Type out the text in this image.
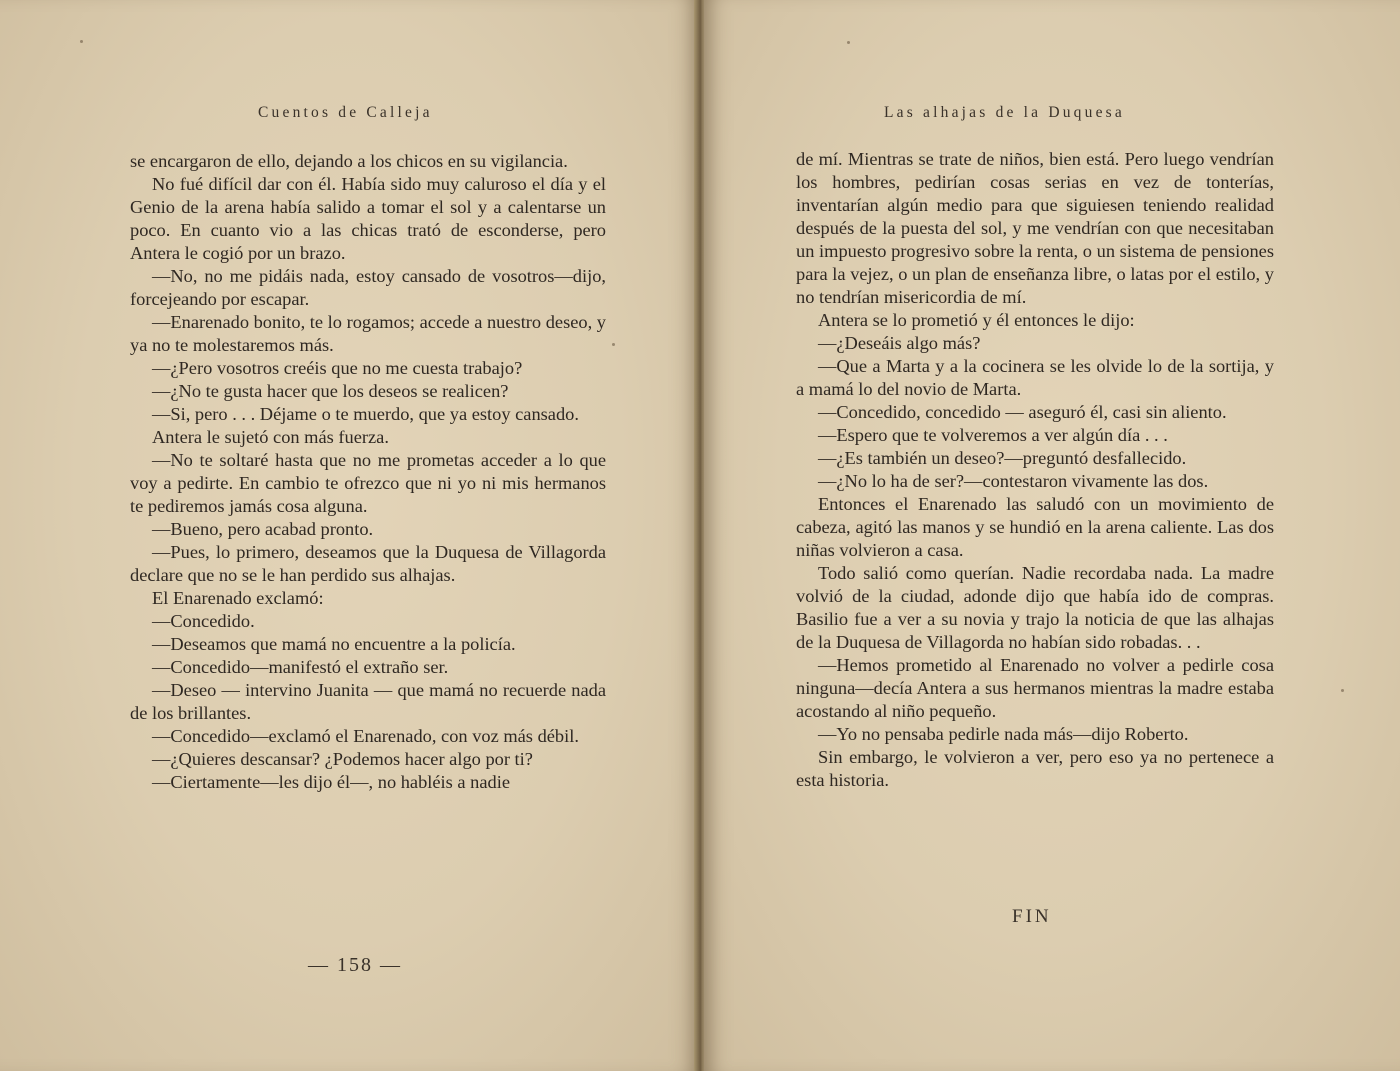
Cuentos de Calleja

se encargaron de ello, dejando a los chicos en su vigilancia.

No fué difícil dar con él. Había sido muy caluroso el día y el Genio de la arena había salido a tomar el sol y a calentarse un poco. En cuanto vio a las chicas trató de esconderse, pero Antera le cogió por un brazo.

—No, no me pidáis nada, estoy cansado de vosotros—dijo, forcejeando por escapar.

—Enarenado bonito, te lo rogamos; accede a nuestro deseo, y ya no te molestaremos más.

—¿Pero vosotros creéis que no me cuesta trabajo?

—¿No te gusta hacer que los deseos se realicen?

—Si, pero . . . Déjame o te muerdo, que ya estoy cansado.

Antera le sujetó con más fuerza.

—No te soltaré hasta que no me prometas acceder a lo que voy a pedirte. En cambio te ofrezco que ni yo ni mis hermanos te pediremos jamás cosa alguna.

—Bueno, pero acabad pronto.

—Pues, lo primero, deseamos que la Duquesa de Villagorda declare que no se le han perdido sus alhajas.

El Enarenado exclamó:

—Concedido.

—Deseamos que mamá no encuentre a la policía.

—Concedido—manifestó el extraño ser.

—Deseo — intervino Juanita — que mamá no recuerde nada de los brillantes.

—Concedido—exclamó el Enarenado, con voz más débil.

—¿Quieres descansar? ¿Podemos hacer algo por ti?

—Ciertamente—les dijo él—, no habléis a nadie

— 158 —
Las alhajas de la Duquesa

de mí. Mientras se trate de niños, bien está. Pero luego vendrían los hombres, pedirían cosas serias en vez de tonterías, inventarían algún medio para que siguiesen teniendo realidad después de la puesta del sol, y me vendrían con que necesitaban un impuesto progresivo sobre la renta, o un sistema de pensiones para la vejez, o un plan de enseñanza libre, o latas por el estilo, y no tendrían misericordia de mí.

Antera se lo prometió y él entonces le dijo:

—¿Deseáis algo más?

—Que a Marta y a la cocinera se les olvide lo de la sortija, y a mamá lo del novio de Marta.

—Concedido, concedido — aseguró él, casi sin aliento.

—Espero que te volveremos a ver algún día . . .

—¿Es también un deseo?—preguntó desfallecido.

—¿No lo ha de ser?—contestaron vivamente las dos.

Entonces el Enarenado las saludó con un movimiento de cabeza, agitó las manos y se hundió en la arena caliente. Las dos niñas volvieron a casa.

Todo salió como querían. Nadie recordaba nada. La madre volvió de la ciudad, adonde dijo que había ido de compras. Basilio fue a ver a su novia y trajo la noticia de que las alhajas de la Duquesa de Villagorda no habían sido robadas. . .

—Hemos prometido al Enarenado no volver a pedirle cosa ninguna—decía Antera a sus hermanos mientras la madre estaba acostando al niño pequeño.

—Yo no pensaba pedirle nada más—dijo Roberto.

Sin embargo, le volvieron a ver, pero eso ya no pertenece a esta historia.

FIN
